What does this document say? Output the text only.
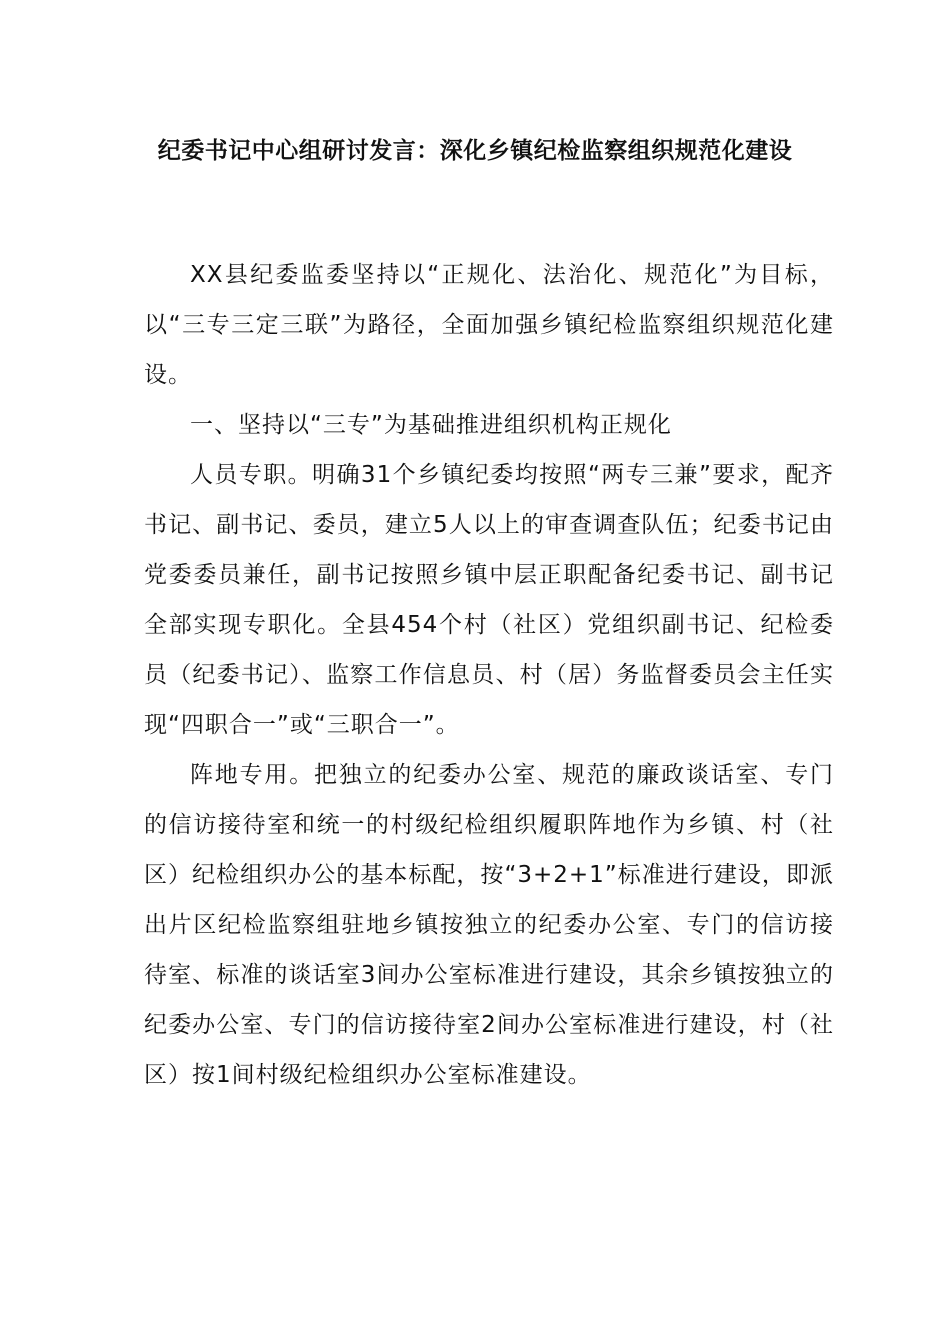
纪委书记中心组研讨发言：深化乡镇纪检监察组织规范化建设

XX县纪委监委坚持以“正规化、法治化、规范化”为目标，以“三专三定三联”为路径，全面加强乡镇纪检监察组织规范化建设。

一、坚持以“三专”为基础推进组织机构正规化

人员专职。明确31个乡镇纪委均按照“两专三兼”要求，配齐书记、副书记、委员，建立5人以上的审查调查队伍；纪委书记由党委委员兼任，副书记按照乡镇中层正职配备纪委书记、副书记全部实现专职化。全县454个村（社区）党组织副书记、纪检委员（纪委书记）、监察工作信息员、村（居）务监督委员会主任实现“四职合一”或“三职合一”。

阵地专用。把独立的纪委办公室、规范的廉政谈话室、专门的信访接待室和统一的村级纪检组织履职阵地作为乡镇、村（社区）纪检组织办公的基本标配，按“3+2+1”标准进行建设，即派出片区纪检监察组驻地乡镇按独立的纪委办公室、专门的信访接待室、标准的谈话室3间办公室标准进行建设，其余乡镇按独立的纪委办公室、专门的信访接待室2间办公室标准进行建设，村（社区）按1间村级纪检组织办公室标准建设。
